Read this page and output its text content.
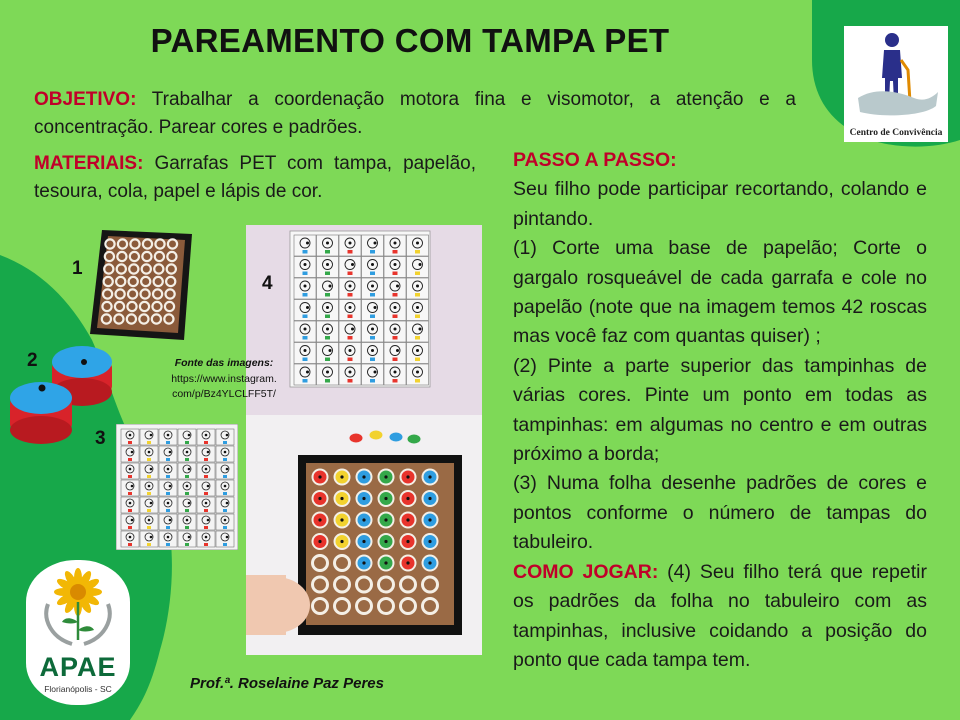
PAREAMENTO COM TAMPA PET
OBJETIVO: Trabalhar a coordenação motora fina e visomotor, a atenção e a concentração. Parear cores e padrões.
MATERIAIS: Garrafas PET com tampa, papelão, tesoura, cola, papel e lápis de cor.

PASSO A PASSO:

Seu filho pode participar recortando, colando e pintando.

(1) Corte uma base de papelão; Corte o gargalo rosqueável de cada garrafa e cole no papelão (note que na imagem temos 42 roscas mas você faz com quantas quiser) ;

(2) Pinte a parte superior das tampinhas de várias cores. Pinte um ponto em todas as tampinhas: em algumas no centro e em outras próximo a borda;

(3) Numa folha desenhe padrões de cores e pontos conforme o número de tampas do tabuleiro.

COMO JOGAR: (4) Seu filho terá que repetir os padrões da folha no tabuleiro com as tampinhas, inclusive coidando a posição do ponto que cada tampa tem.

Centro de Convivência
1
2
3
4
Fonte das imagens:
https://www.instagram.
com/p/Bz4YLCLFF5T/
Prof.ª. Roselaine Paz Peres
APAE
Florianópolis - SC
